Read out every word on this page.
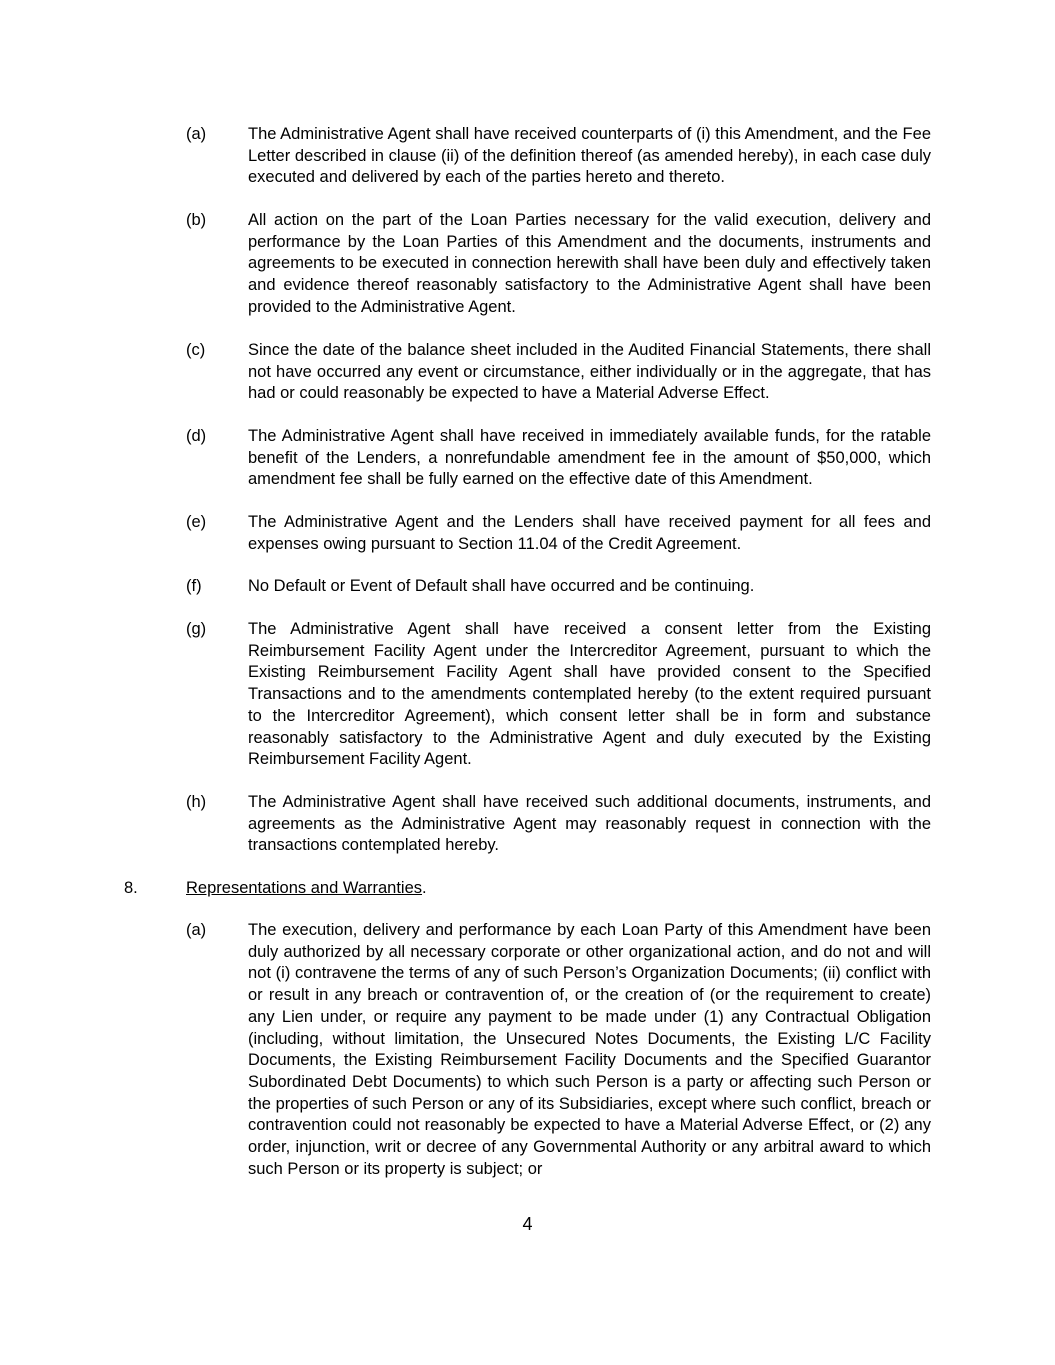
(a)	The Administrative Agent shall have received counterparts of (i) this Amendment, and the Fee Letter described in clause (ii) of the definition thereof (as amended hereby), in each case duly executed and delivered by each of the parties hereto and thereto.
(b)	All action on the part of the Loan Parties necessary for the valid execution, delivery and performance by the Loan Parties of this Amendment and the documents, instruments and agreements to be executed in connection herewith shall have been duly and effectively taken and evidence thereof reasonably satisfactory to the Administrative Agent shall have been provided to the Administrative Agent.
(c)	Since the date of the balance sheet included in the Audited Financial Statements, there shall not have occurred any event or circumstance, either individually or in the aggregate, that has had or could reasonably be expected to have a Material Adverse Effect.
(d)	The Administrative Agent shall have received in immediately available funds, for the ratable benefit of the Lenders, a nonrefundable amendment fee in the amount of $50,000, which amendment fee shall be fully earned on the effective date of this Amendment.
(e)	The Administrative Agent and the Lenders shall have received payment for all fees and expenses owing pursuant to Section 11.04 of the Credit Agreement.
(f)	No Default or Event of Default shall have occurred and be continuing.
(g)	The Administrative Agent shall have received a consent letter from the Existing Reimbursement Facility Agent under the Intercreditor Agreement, pursuant to which the Existing Reimbursement Facility Agent shall have provided consent to the Specified Transactions and to the amendments contemplated hereby (to the extent required pursuant to the Intercreditor Agreement), which consent letter shall be in form and substance reasonably satisfactory to the Administrative Agent and duly executed by the Existing Reimbursement Facility Agent.
(h)	The Administrative Agent shall have received such additional documents, instruments, and agreements as the Administrative Agent may reasonably request in connection with the transactions contemplated hereby.
8.	Representations and Warranties.
(a)	The execution, delivery and performance by each Loan Party of this Amendment have been duly authorized by all necessary corporate or other organizational action, and do not and will not (i) contravene the terms of any of such Person’s Organization Documents; (ii) conflict with or result in any breach or contravention of, or the creation of (or the requirement to create) any Lien under, or require any payment to be made under (1) any Contractual Obligation (including, without limitation, the Unsecured Notes Documents, the Existing L/C Facility Documents, the Existing Reimbursement Facility Documents and the Specified Guarantor Subordinated Debt Documents) to which such Person is a party or affecting such Person or the properties of such Person or any of its Subsidiaries, except where such conflict, breach or contravention could not reasonably be expected to have a Material Adverse Effect, or (2) any order, injunction, writ or decree of any Governmental Authority or any arbitral award to which such Person or its property is subject; or
4
